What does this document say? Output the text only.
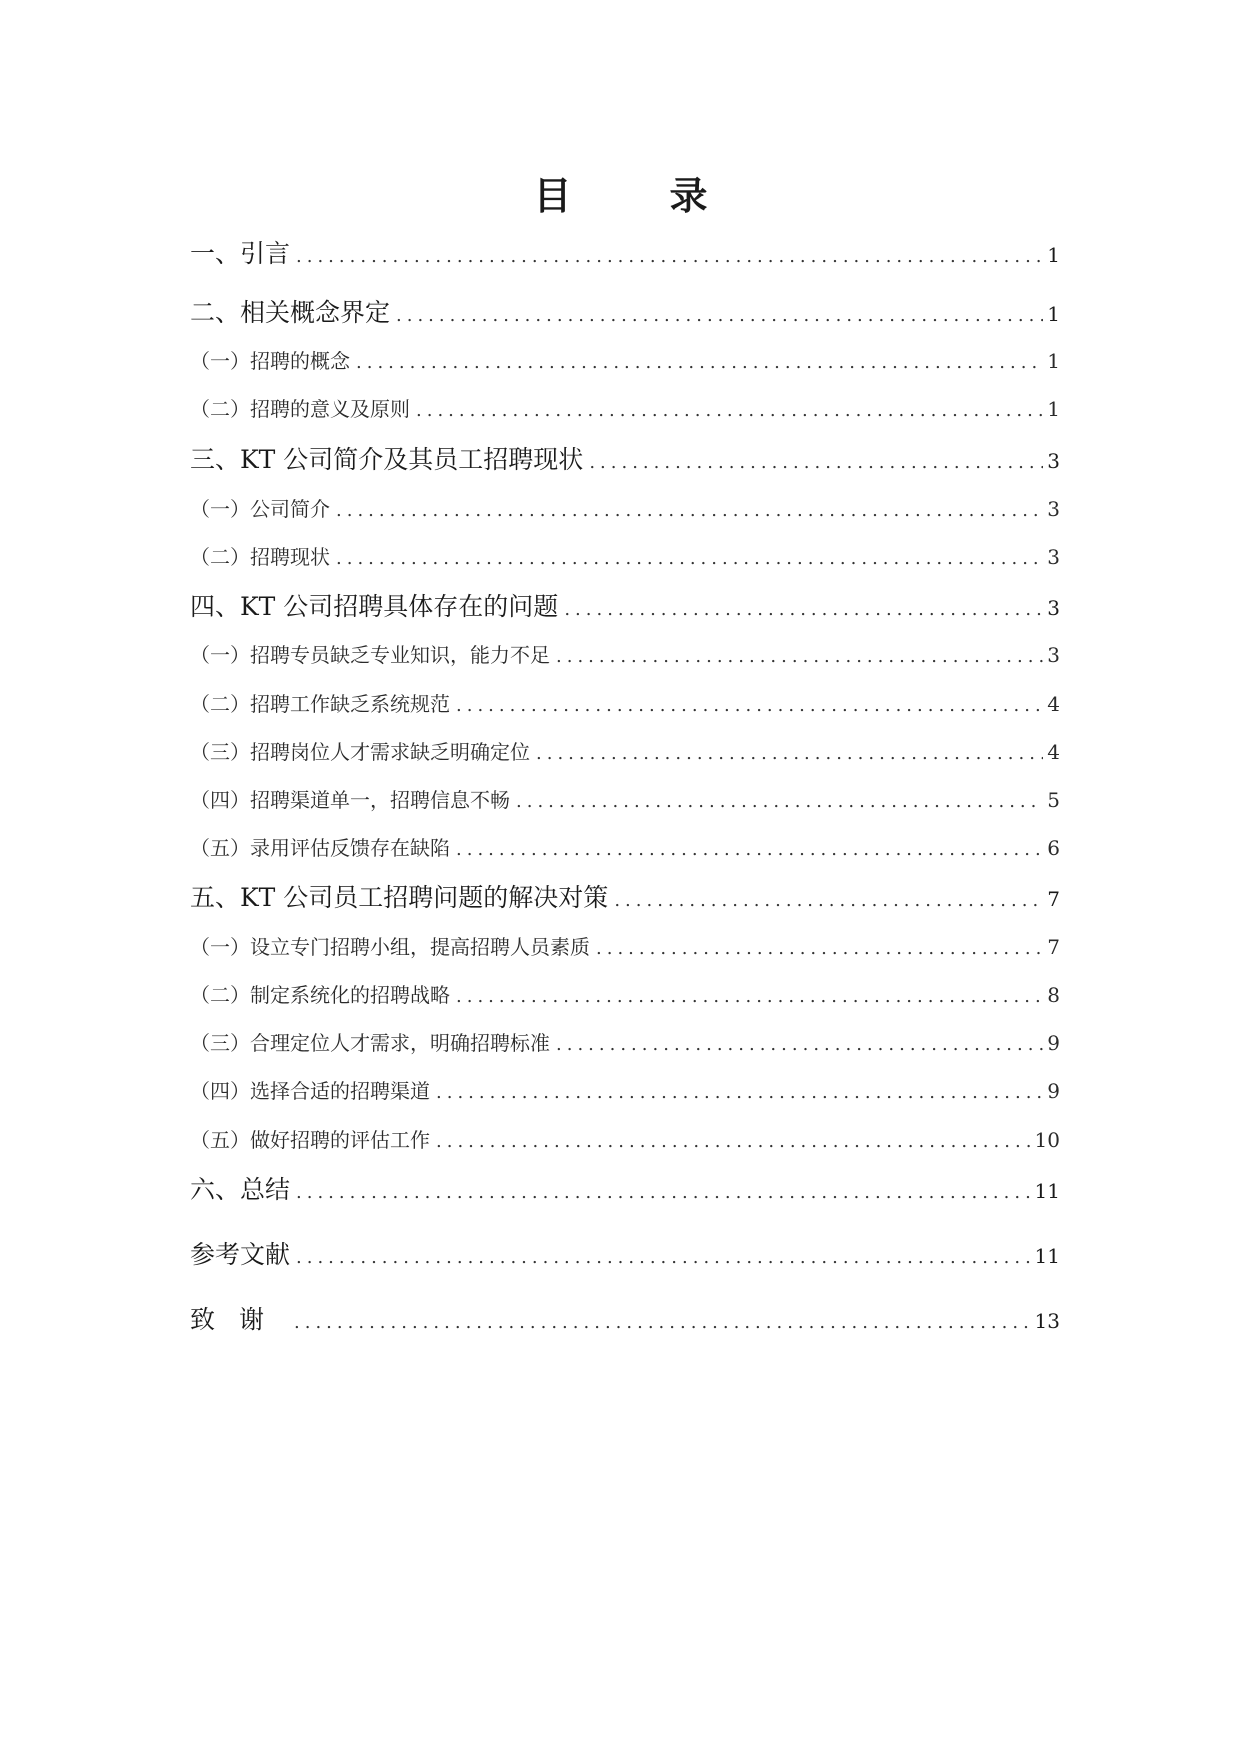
目　录
一、引言 .....	1
二、相关概念界定 .....	1
（一）招聘的概念 .....	1
（二）招聘的意义及原则 .....	1
三、KT 公司简介及其员工招聘现状 .....	3
（一）公司简介 .....	3
（二）招聘现状 .....	3
四、KT 公司招聘具体存在的问题 .....	3
（一）招聘专员缺乏专业知识，能力不足 .....	3
（二）招聘工作缺乏系统规范 .....	4
（三）招聘岗位人才需求缺乏明确定位 .....	4
（四）招聘渠道单一，招聘信息不畅 .....	5
（五）录用评估反馈存在缺陷 .....	6
五、KT 公司员工招聘问题的解决对策 .....	7
（一）设立专门招聘小组，提高招聘人员素质 .....	7
（二）制定系统化的招聘战略 .....	8
（三）合理定位人才需求，明确招聘标准 .....	9
（四）选择合适的招聘渠道 .....	9
（五）做好招聘的评估工作 .....	10
六、总结 .....	11
参考文献 .....	11
致谢 .....	13
